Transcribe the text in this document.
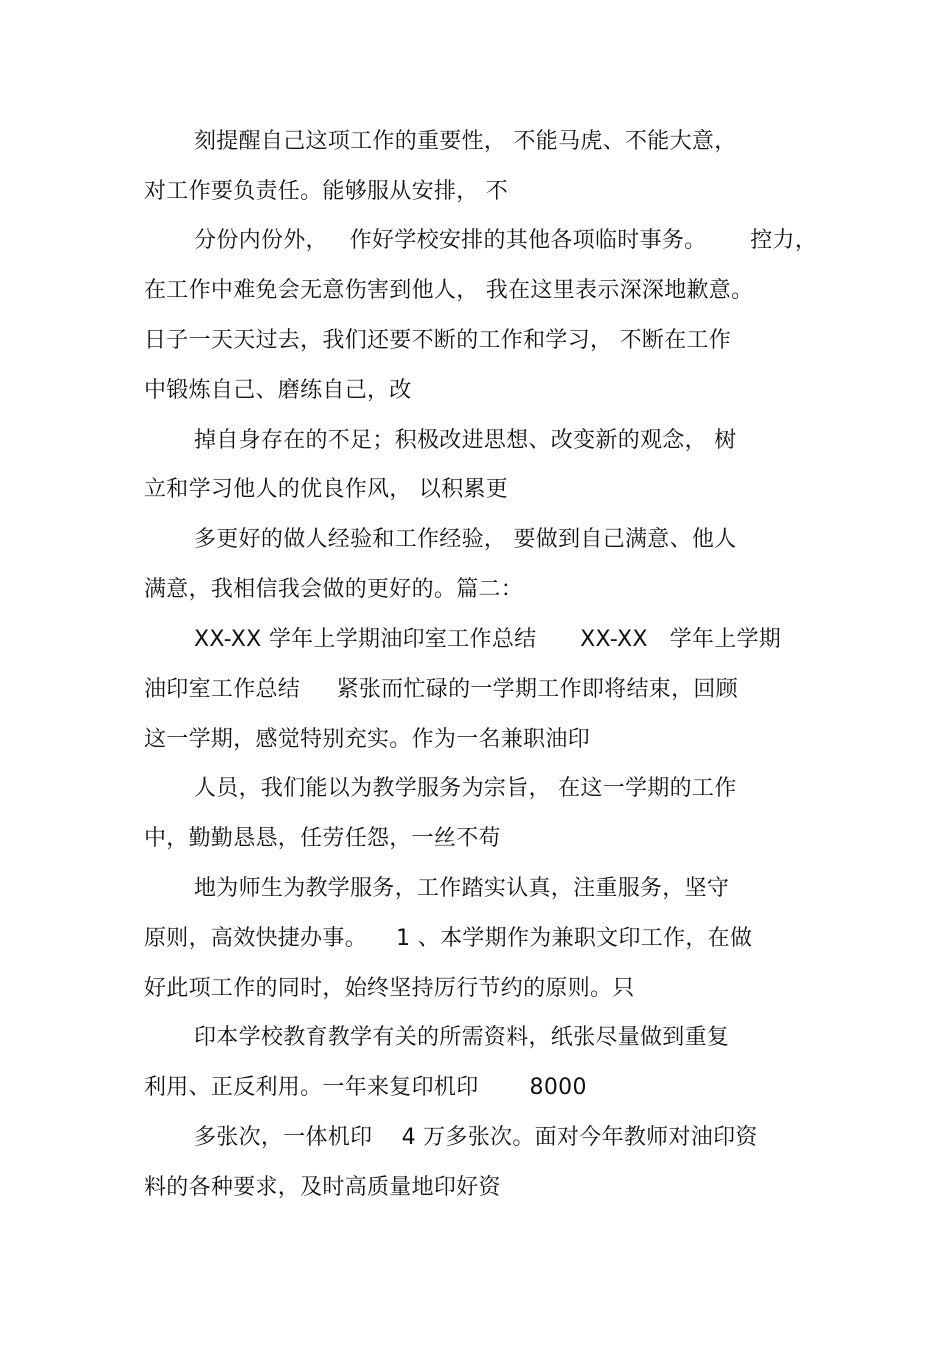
刻提醒自己这项工作的重要性， 不能马虎、不能大意，
对工作要负责任。能够服从安排， 不
分份内份外，   作好学校安排的其他各项临时事务。      控力，
在工作中难免会无意伤害到他人， 我在这里表示深深地歉意。
日子一天天过去，我们还要不断的工作和学习， 不断在工作
中锻炼自己、磨练自己，改
掉自身存在的不足；积极改进思想、改变新的观念， 树
立和学习他人的优良作风， 以积累更
多更好的做人经验和工作经验， 要做到自己满意、他人
满意，我相信我会做的更好的。篇二：
XX-XX 学年上学期油印室工作总结      XX-XX   学年上学期
油印室工作总结     紧张而忙碌的一学期工作即将结束，回顾
这一学期，感觉特别充实。作为一名兼职油印
人员，我们能以为教学服务为宗旨， 在这一学期的工作
中，勤勤恳恳，任劳任怨，一丝不苟
地为师生为教学服务，工作踏实认真，注重服务，坚守
原则，高效快捷办事。    1 、本学期作为兼职文印工作，在做
好此项工作的同时，始终坚持厉行节约的原则。只
印本学校教育教学有关的所需资料，纸张尽量做到重复
利用、正反利用。一年来复印机印       8000
多张次，一体机印    4 万多张次。面对今年教师对油印资
料的各种要求，及时高质量地印好资
